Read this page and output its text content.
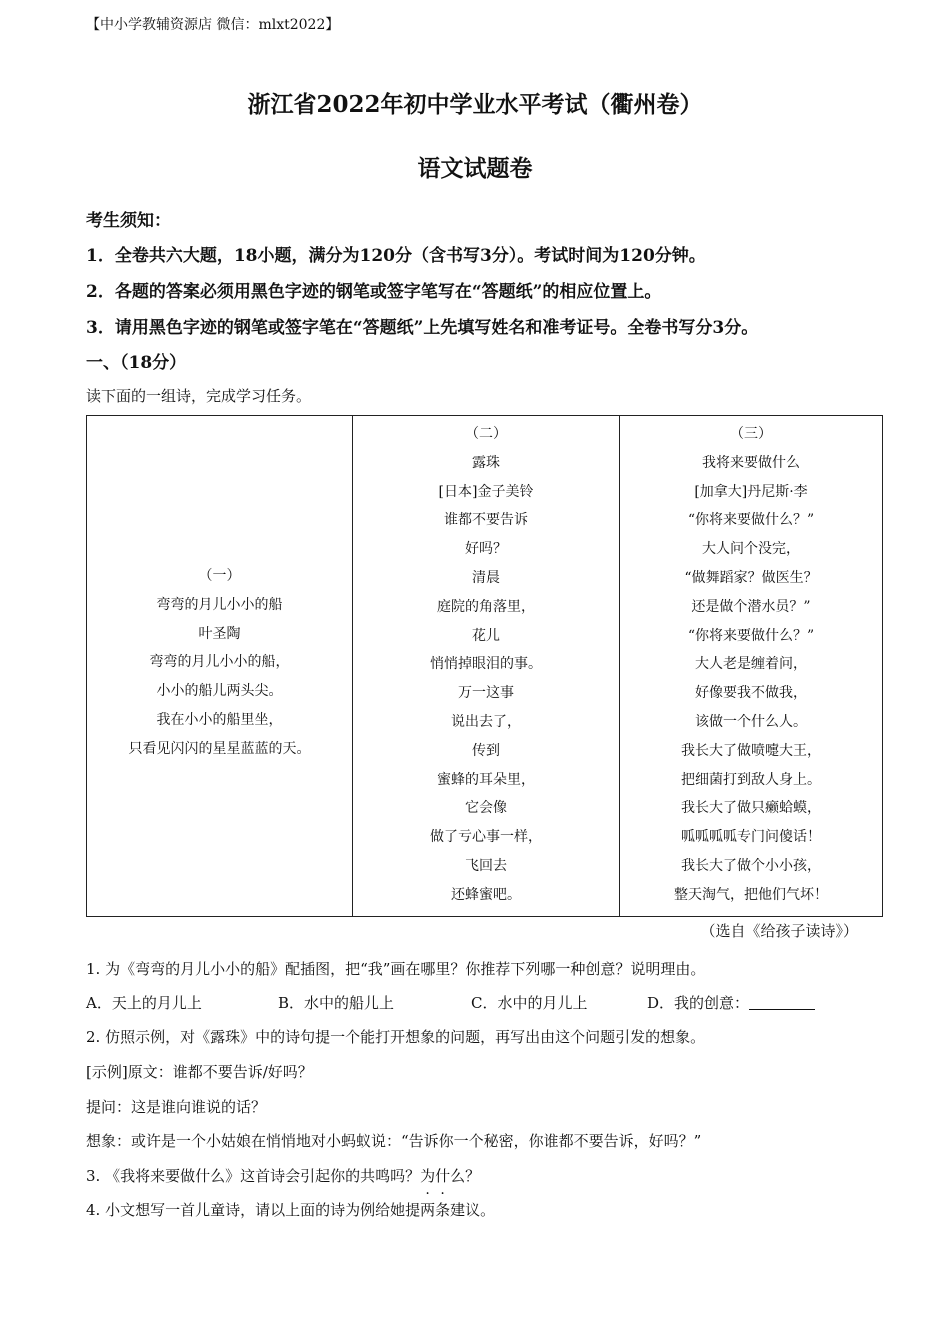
【中小学教辅资源店 微信：mlxt2022】
浙江省2022年初中学业水平考试（衢州卷）
语文试题卷
考生须知：
1．全卷共六大题，18小题，满分为120分（含书写3分）。考试时间为120分钟。
2．各题的答案必须用黑色字迹的钢笔或签字笔写在“答题纸”的相应位置上。
3．请用黑色字迹的钢笔或签字笔在“答题纸”上先填写姓名和准考证号。全卷书写分3分。
一、（18分）
读下面的一组诗，完成学习任务。
（一）
弯弯的月儿小小的船
叶圣陶
弯弯的月儿小小的船，
小小的船儿两头尖。
我在小小的船里坐，
只看见闪闪的星星蓝蓝的天。

（二）
露珠
[日本]金子美铃
谁都不要告诉
好吗？
清晨
庭院的角落里，
花儿
悄悄掉眼泪的事。
万一这事
说出去了，
传到
蜜蜂的耳朵里，
它会像
做了亏心事一样，
飞回去
还蜂蜜吧。

（三）
我将来要做什么
[加拿大]丹尼斯·李
“你将来要做什么？”
大人问个没完，
“做舞蹈家？做医生？
还是做个潜水员？”
“你将来要做什么？”
大人老是缠着问，
好像要我不做我，
该做一个什么人。
我长大了做喷嚏大王，
把细菌打到敌人身上。
我长大了做只癞蛤蟆，
呱呱呱呱专门问傻话！
我长大了做个小小孩，
整天淘气，把他们气坏！
（选自《给孩子读诗》）
1. 为《弯弯的月儿小小的船》配插图，把“我”画在哪里？你推荐下列哪一种创意？说明理由。
A．天上的月儿上	B．水中的船儿上	C．水中的月儿上	D．我的创意：
2. 仿照示例，对《露珠》中的诗句提一个能打开想象的问题，再写出由这个问题引发的想象。
[示例]原文：谁都不要告诉/好吗？
提问：这是谁向谁说的话？
想象：或许是一个小姑娘在悄悄地对小蚂蚁说：“告诉你一个秘密，你谁都不要告诉，好吗？”
3. 《我将来要做什么》这首诗会引起你的共鸣吗？为什么？
4. 小文想写一首儿童诗，请以上面的诗为例给她提两条建议。
